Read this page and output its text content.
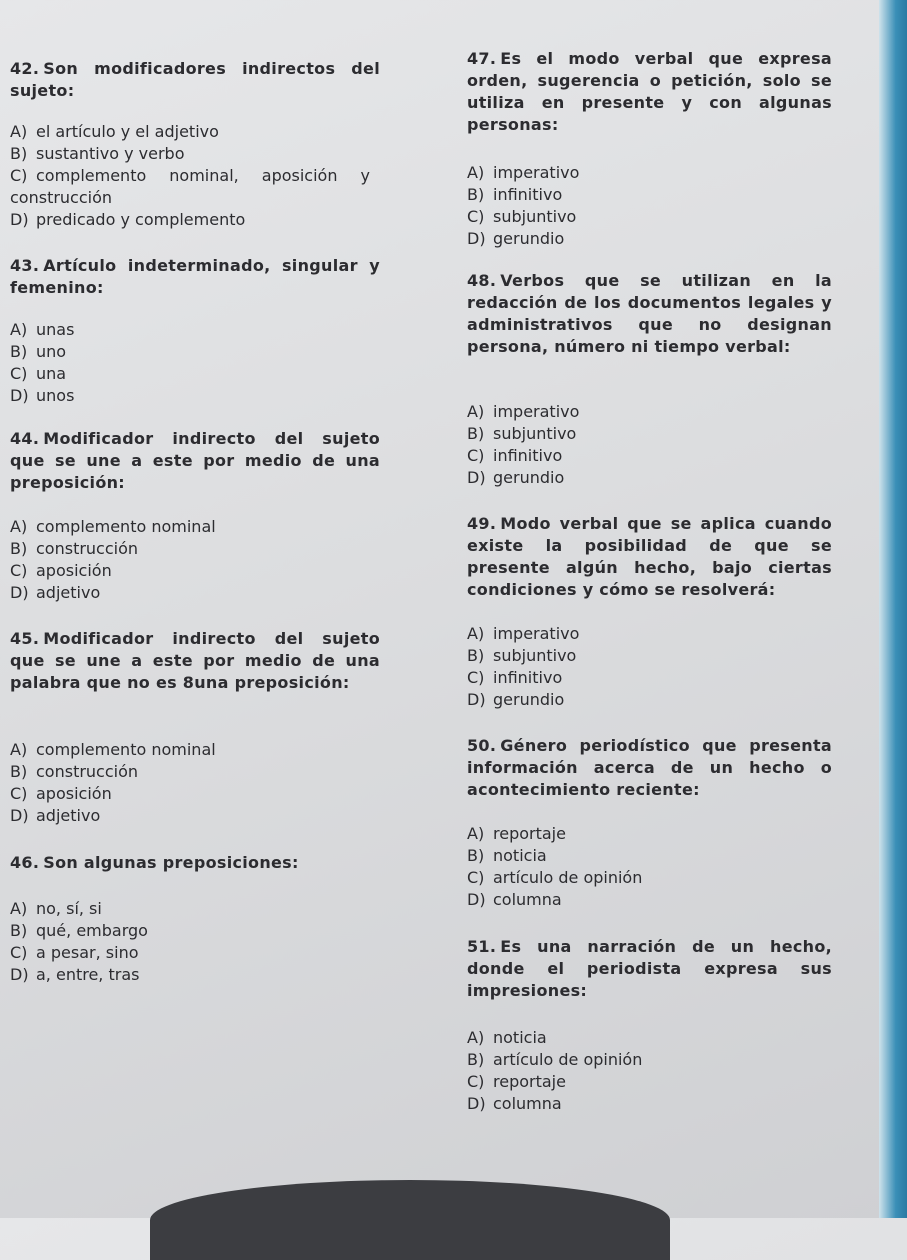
42. Son modificadores indirectos del sujeto:
A) el artículo y el adjetivo
B) sustantivo y verbo
C) complemento nominal, aposición y construcción
D) predicado y complemento
43. Artículo indeterminado, singular y femenino:
A) unas
B) uno
C) una
D) unos
44. Modificador indirecto del sujeto que se une a este por medio de una preposición:
A) complemento nominal
B) construcción
C) aposición
D) adjetivo
45. Modificador indirecto del sujeto que se une a este por medio de una palabra que no es 8una preposición:
A) complemento nominal
B) construcción
C) aposición
D) adjetivo
46. Son algunas preposiciones:
A) no, sí, si
B) qué, embargo
C) a pesar, sino
D) a, entre, tras
47. Es el modo verbal que expresa orden, sugerencia o petición, solo se utiliza en presente y con algunas personas:
A) imperativo
B) infinitivo
C) subjuntivo
D) gerundio
48. Verbos que se utilizan en la redacción de los documentos legales y administrativos que no designan persona, número ni tiempo verbal:
A) imperativo
B) subjuntivo
C) infinitivo
D) gerundio
49. Modo verbal que se aplica cuando existe la posibilidad de que se presente algún hecho, bajo ciertas condiciones y cómo se resolverá:
A) imperativo
B) subjuntivo
C) infinitivo
D) gerundio
50. Género periodístico que presenta información acerca de un hecho o acontecimiento reciente:
A) reportaje
B) noticia
C) artículo de opinión
D) columna
51. Es una narración de un hecho, donde el periodista expresa sus impresiones:
A) noticia
B) artículo de opinión
C) reportaje
D) columna
